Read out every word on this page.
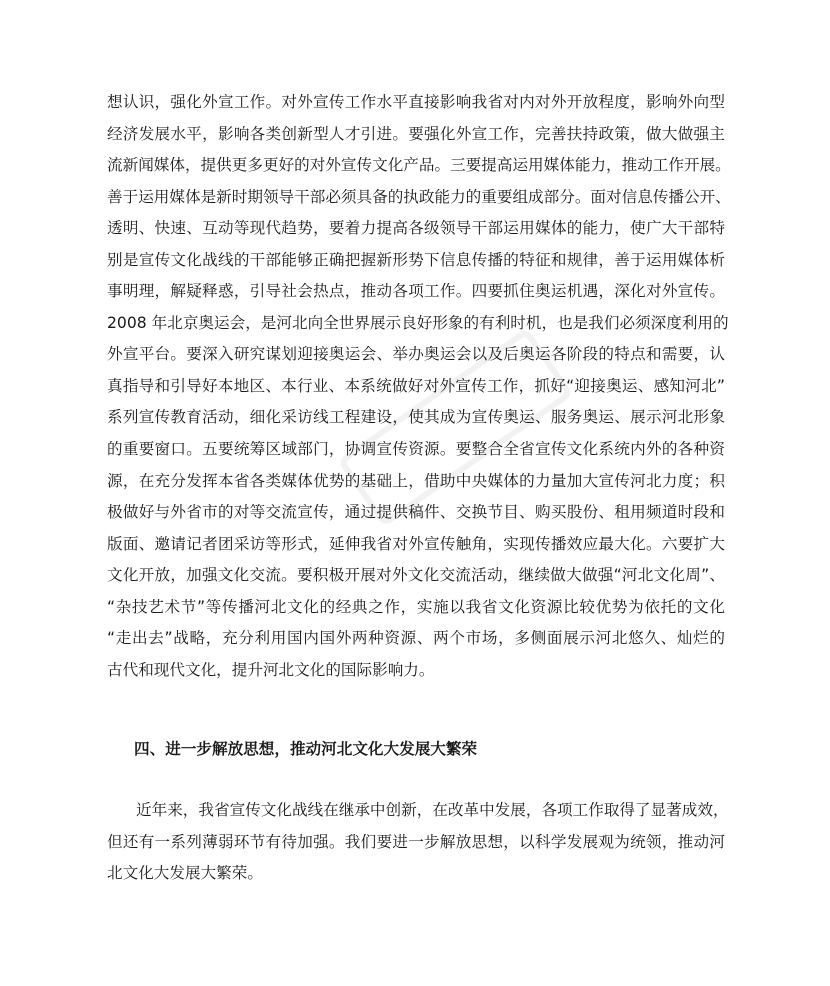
想认识，强化外宣工作。对外宣传工作水平直接影响我省对内对外开放程度，影响外向型
经济发展水平，影响各类创新型人才引进。要强化外宣工作，完善扶持政策，做大做强主
流新闻媒体，提供更多更好的对外宣传文化产品。三要提高运用媒体能力，推动工作开展。
善于运用媒体是新时期领导干部必须具备的执政能力的重要组成部分。面对信息传播公开、
透明、快速、互动等现代趋势，要着力提高各级领导干部运用媒体的能力，使广大干部特
别是宣传文化战线的干部能够正确把握新形势下信息传播的特征和规律，善于运用媒体析
事明理，解疑释惑，引导社会热点，推动各项工作。四要抓住奥运机遇，深化对外宣传。
2008 年北京奥运会，是河北向全世界展示良好形象的有利时机，也是我们必须深度利用的
外宣平台。要深入研究谋划迎接奥运会、举办奥运会以及后奥运各阶段的特点和需要，认
真指导和引导好本地区、本行业、本系统做好对外宣传工作，抓好“迎接奥运、感知河北”
系列宣传教育活动，细化采访线工程建设，使其成为宣传奥运、服务奥运、展示河北形象
的重要窗口。五要统筹区域部门，协调宣传资源。要整合全省宣传文化系统内外的各种资
源，在充分发挥本省各类媒体优势的基础上，借助中央媒体的力量加大宣传河北力度；积
极做好与外省市的对等交流宣传，通过提供稿件、交换节目、购买股份、租用频道时段和
版面、邀请记者团采访等形式，延伸我省对外宣传触角，实现传播效应最大化。六要扩大
文化开放，加强文化交流。要积极开展对外文化交流活动，继续做大做强“河北文化周”、
“杂技艺术节”等传播河北文化的经典之作，实施以我省文化资源比较优势为依托的文化
“走出去”战略，充分利用国内国外两种资源、两个市场，多侧面展示河北悠久、灿烂的
古代和现代文化，提升河北文化的国际影响力。
四、进一步解放思想，推动河北文化大发展大繁荣
近年来，我省宣传文化战线在继承中创新，在改革中发展，各项工作取得了显著成效，
但还有一系列薄弱环节有待加强。我们要进一步解放思想，以科学发展观为统领，推动河
北文化大发展大繁荣。
